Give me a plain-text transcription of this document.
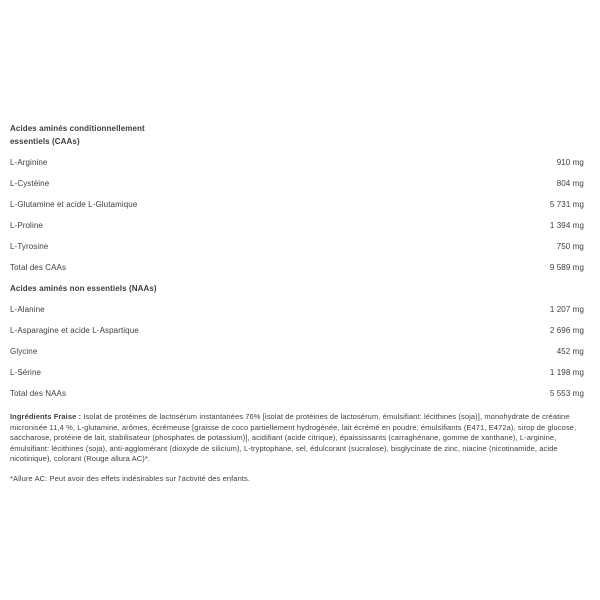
Acides aminés conditionnellement essentiels (CAAs)
L-Arginine	910 mg
L-Cystéine	804 mg
L-Glutamine et acide L-Glutamique	5 731 mg
L-Proline	1 394 mg
L-Tyrosine	750 mg
Total des CAAs	9 589 mg
Acides aminés non essentiels (NAAs)
L-Alanine	1 207 mg
L-Asparagine et acide L-Aspartique	2 696 mg
Glycine	452 mg
L-Sérine	1 198 mg
Total des NAAs	5 553 mg

Ingrédients Fraise : Isolat de protéines de lactosérum instantanées 76% [isolat de protéines de lactosérum, émulsifiant: lécithines (soja)], monohydrate de créatine micronisée 11,4 %, L-glutamine, arômes, écrémeuse [graisse de coco partiellement hydrogénée, lait écrémé en poudre, émulsifiants (E471, E472a), sirop de glucose, saccharose, protéine de lait, stabilisateur (phosphates de potassium)], acidifiant (acide citrique), épaississants (carraghénane, gomme de xanthane), L-arginine, émulsifiant: lécithines (soja), anti-agglomérant (dioxyde de silicium), L-tryptophane, sel, édulcorant (sucralose), bisglycinate de zinc, niacine (nicotinamide, acide nicotinique), colorant (Rouge allura AC)*.

*Allure AC: Peut avoir des effets indésirables sur l'activité des enfants.
